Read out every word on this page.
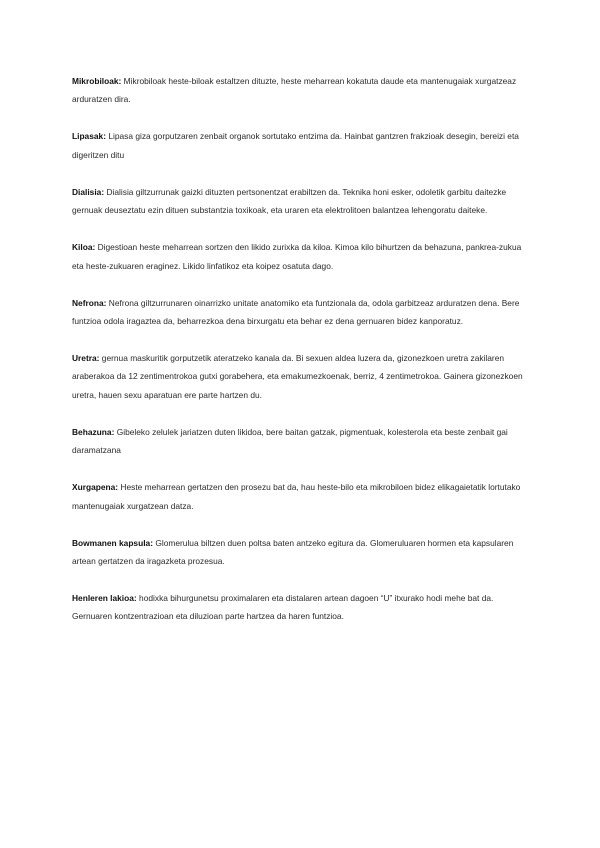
Mikrobiloak: Mikrobiloak heste-biloak estaltzen dituzte, heste meharrean kokatuta daude eta mantenugaiak xurgatzeaz arduratzen dira.

Lipasak: Lipasa giza gorputzaren zenbait organok sortutako entzima da. Hainbat gantzren frakzioak desegin, bereizi eta digeritzen ditu

Dialisia: Dialisia giltzurrunak gaizki dituzten pertsonentzat erabiltzen da. Teknika honi esker, odoletik garbitu daitezke gernuak deuseztatu ezin dituen substantzia toxikoak, eta uraren eta elektrolitoen balantzea lehengoratu daiteke.

Kiloa: Digestioan heste meharrean sortzen den likido zurixka da kiloa. Kimoa kilo bihurtzen da behazuna, pankrea-zukua eta heste-zukuaren eraginez. Likido linfatikoz eta koipez osatuta dago.

Nefrona: Nefrona giltzurrunaren oinarrizko unitate anatomiko eta funtzionala da, odola garbitzeaz arduratzen dena. Bere funtzioa odola iragaztea da, beharrezkoa dena birxurgatu eta behar ez dena gernuaren bidez kanporatuz.

Uretra: gernua maskuritik gorputzetik ateratzeko kanala da. Bi sexuen aldea luzera da, gizonezkoen uretra zakilaren araberakoa da 12 zentimentrokoa gutxi gorabehera, eta emakumezkoenak, berriz, 4 zentimetrokoa. Gainera gizonezkoen uretra, hauen sexu aparatuan ere parte hartzen du.

Behazuna: Gibeleko zelulek jariatzen duten likidoa, bere baitan gatzak, pigmentuak, kolesterola eta beste zenbait gai daramatzana

Xurgapena: Heste meharrean gertatzen den prosezu bat da, hau heste-bilo eta mikrobiloen bidez elikagaietatik lortutako mantenugaiak xurgatzean datza.

Bowmanen kapsula: Glomerulua biltzen duen poltsa baten antzeko egitura da. Glomeruluaren hormen eta kapsularen artean gertatzen da iragazketa prozesua.

Henleren lakioa: hodixka bihurgunetsu proximalaren eta distalaren artean dagoen “U” itxurako hodi mehe bat da. Gernuaren kontzentrazioan eta diluzioan parte hartzea da haren funtzioa.
